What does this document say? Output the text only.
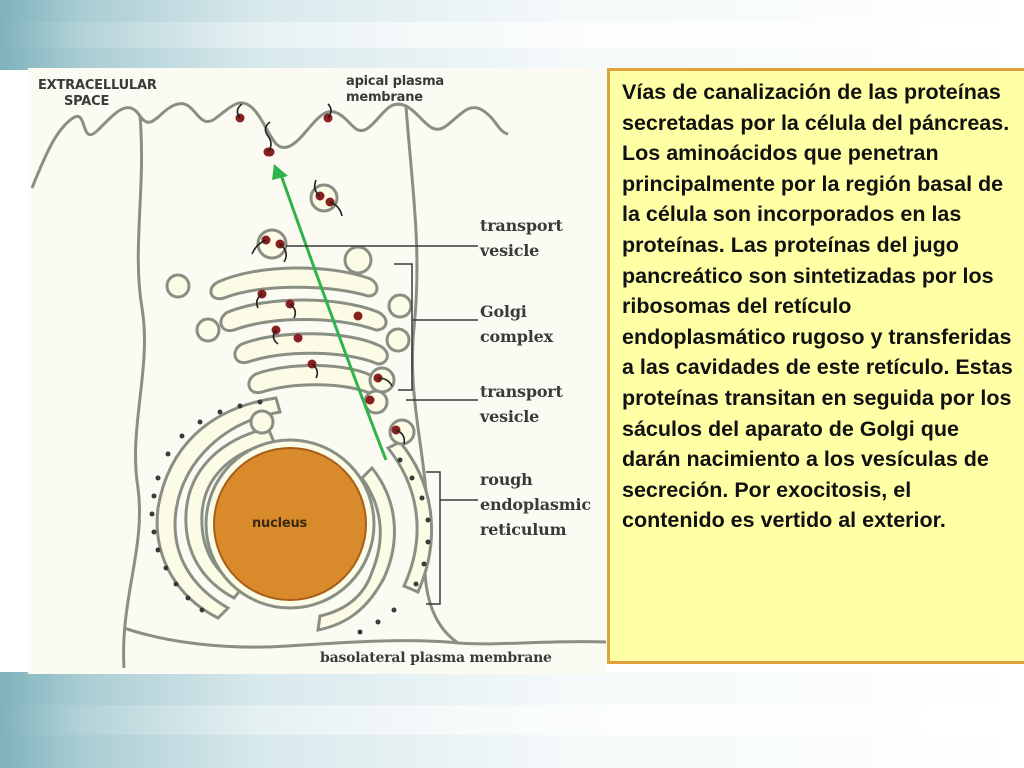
EXTRACELLULAR
SPACE
apical plasma
membrane
transport
vesicle
Golgi
complex
transport
vesicle
rough
endoplasmic
reticulum
nucleus
basolateral plasma membrane

Vías de canalización de las proteínas secretadas por la célula del páncreas. Los aminoácidos que penetran principalmente por la región basal de la célula son incorporados en las proteínas. Las proteínas del jugo pancreático son sintetizadas por los ribosomas del retículo endoplasmático rugoso y transferidas a las cavidades de este retículo. Estas proteínas transitan en seguida por los sáculos del aparato de Golgi que darán nacimiento a los vesículas de secreción. Por exocitosis, el contenido es vertido al exterior.
